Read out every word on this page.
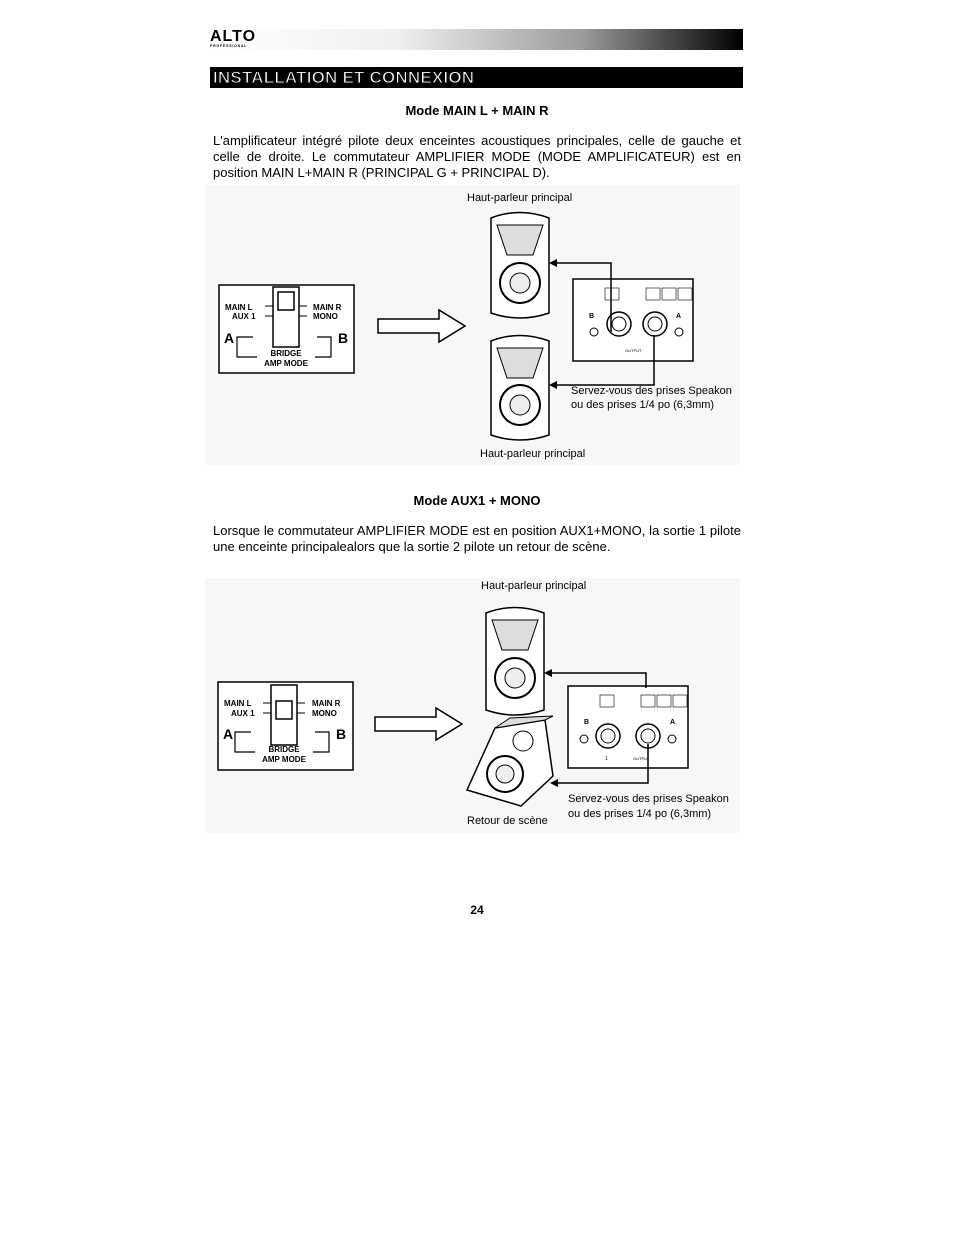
ALTO
PROFESSIONAL
INSTALLATION ET CONNEXION
Mode MAIN L + MAIN R
L'amplificateur intégré pilote deux enceintes acoustiques principales, celle de gauche et celle de droite. Le commutateur AMPLIFIER MODE (MODE AMPLIFICATEUR) est en position MAIN L+MAIN R (PRINCIPAL G + PRINCIPAL D).
MAIN L
AUX 1
MAIN R
MONO
A	B
BRIDGE
AMP MODE
B	A
OUTPUT
Haut-parleur principal
Servez-vous des prises Speakon
ou des prises 1/4 po (6,3mm)
Haut-parleur principal
Mode AUX1 + MONO
Lorsque le commutateur AMPLIFIER MODE est en position AUX1+MONO, la sortie 1 pilote une enceinte principalealors que la sortie 2 pilote un retour de scène.
MAIN L
AUX 1
MAIN R
MONO
A	B
BRIDGE
AMP MODE
B	A
1	OUTPUT
Haut-parleur principal
Servez-vous des prises Speakon
ou des prises 1/4 po (6,3mm)
Retour de scène
24
